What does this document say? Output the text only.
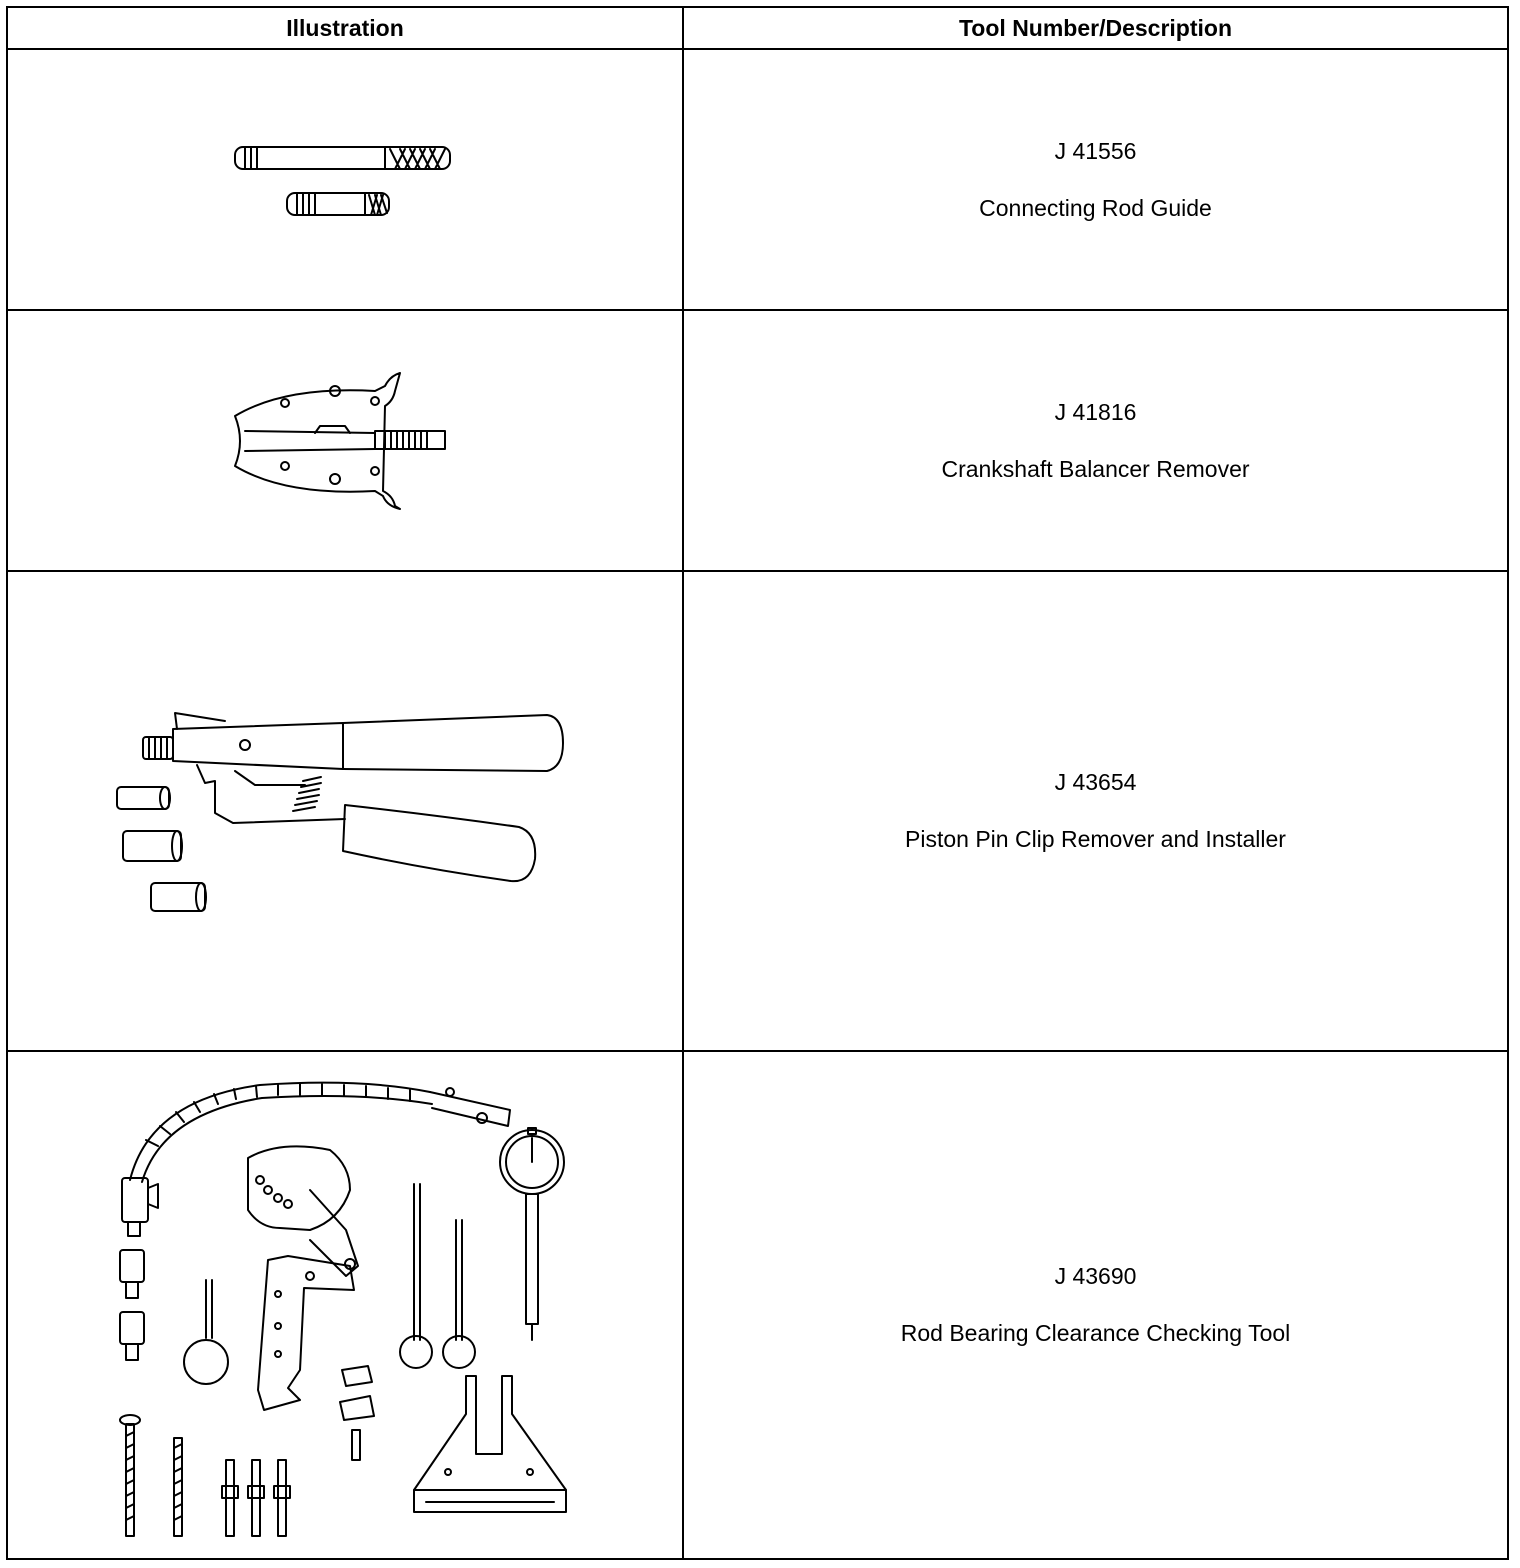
Illustration	Tool Number/Description

J 41556
Connecting Rod Guide

J 41816
Crankshaft Balancer Remover

J 43654
Piston Pin Clip Remover and Installer

J 43690
Rod Bearing Clearance Checking Tool
